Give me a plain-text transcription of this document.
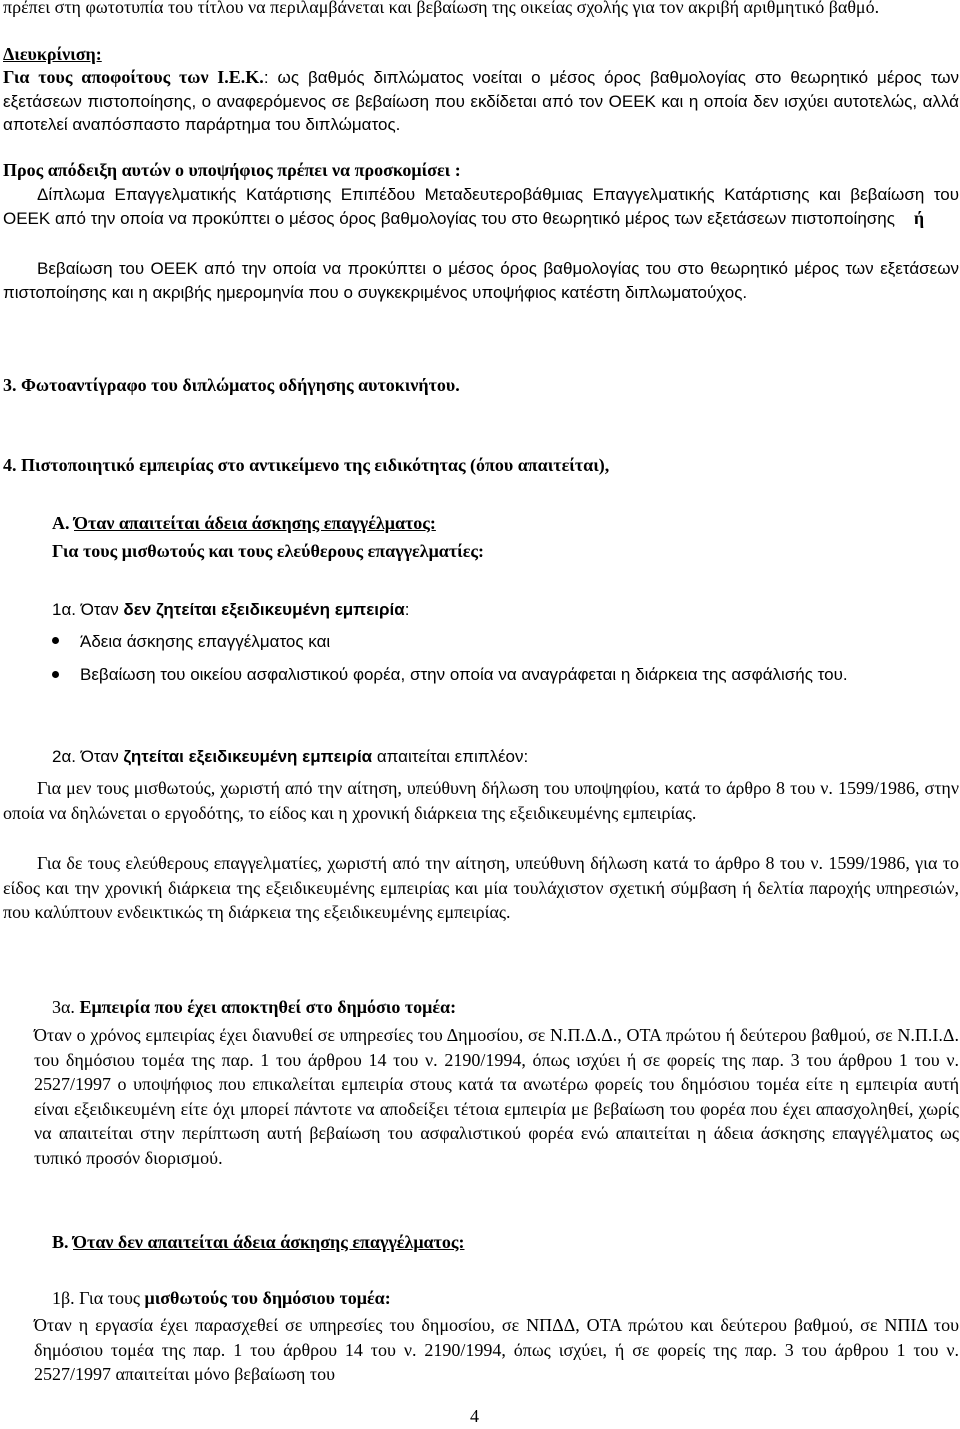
πρέπει στη φωτοτυπία του τίτλου να περιλαμβάνεται και βεβαίωση της οικείας σχολής για τον ακριβή αριθμητικό βαθμό.

Διευκρίνιση:

Για τους αποφοίτους των Ι.Ε.Κ.: ως βαθμός διπλώματος νοείται ο μέσος όρος βαθμολογίας στο θεωρητικό μέρος των εξετάσεων πιστοποίησης, ο αναφερόμενος σε βεβαίωση που εκδίδεται από τον ΟΕΕΚ και η οποία δεν ισχύει αυτοτελώς, αλλά αποτελεί αναπόσπαστο παράρτημα του διπλώματος.

Προς απόδειξη αυτών ο υποψήφιος πρέπει να προσκομίσει :

Δίπλωμα Επαγγελματικής Κατάρτισης Επιπέδου Μεταδευτεροβάθμιας Επαγγελματικής Κατάρτισης και βεβαίωση του ΟΕΕΚ από την οποία να προκύπτει ο μέσος όρος βαθμολογίας του στο θεωρητικό μέρος των εξετάσεων πιστοποίησης ή

Βεβαίωση του ΟΕΕΚ από την οποία να προκύπτει ο μέσος όρος βαθμολογίας του στο θεωρητικό μέρος των εξετάσεων πιστοποίησης και η ακριβής ημερομηνία που ο συγκεκριμένος υποψήφιος κατέστη διπλωματούχος.

3. Φωτοαντίγραφο του διπλώματος οδήγησης αυτοκινήτου.

4. Πιστοποιητικό εμπειρίας στο αντικείμενο της ειδικότητας (όπου απαιτείται),

Α. Όταν απαιτείται άδεια άσκησης επαγγέλματος:

Για τους μισθωτούς και τους ελεύθερους επαγγελματίες:

1α. Όταν δεν ζητείται εξειδικευμένη εμπειρία:

Άδεια άσκησης επαγγέλματος και

Βεβαίωση του οικείου ασφαλιστικού φορέα, στην οποία να αναγράφεται η διάρκεια της ασφάλισής του.

2α. Όταν ζητείται εξειδικευμένη εμπειρία απαιτείται επιπλέον:

Για μεν τους μισθωτούς, χωριστή από την αίτηση, υπεύθυνη δήλωση του υποψηφίου, κατά το άρθρο 8 του ν. 1599/1986, στην οποία να δηλώνεται ο εργοδότης, το είδος και η χρονική διάρκεια της εξειδικευμένης εμπειρίας.

Για δε τους ελεύθερους επαγγελματίες, χωριστή από την αίτηση, υπεύθυνη δήλωση κατά το άρθρο 8 του ν. 1599/1986, για το είδος και την χρονική διάρκεια της εξειδικευμένης εμπειρίας και μία τουλάχιστον σχετική σύμβαση ή δελτία παροχής υπηρεσιών, που καλύπτουν ενδεικτικώς τη διάρκεια της εξειδικευμένης εμπειρίας.

3α. Εμπειρία που έχει αποκτηθεί στο δημόσιο τομέα:

Όταν ο χρόνος εμπειρίας έχει διανυθεί σε υπηρεσίες του Δημοσίου, σε Ν.Π.Δ.Δ., ΟΤΑ πρώτου ή δεύτερου βαθμού, σε Ν.Π.Ι.Δ. του δημόσιου τομέα της παρ. 1 του άρθρου 14 του ν. 2190/1994, όπως ισχύει ή σε φορείς της παρ. 3 του άρθρου 1 του ν. 2527/1997 ο υποψήφιος που επικαλείται εμπειρία στους κατά τα ανωτέρω φορείς του δημόσιου τομέα είτε η εμπειρία αυτή είναι εξειδικευμένη είτε όχι μπορεί πάντοτε να αποδείξει τέτοια εμπειρία με βεβαίωση του φορέα που έχει απασχοληθεί, χωρίς να απαιτείται στην περίπτωση αυτή βεβαίωση του ασφαλιστικού φορέα ενώ απαιτείται η άδεια άσκησης επαγγέλματος ως τυπικό προσόν διορισμού.

Β. Όταν δεν απαιτείται άδεια άσκησης επαγγέλματος:

1β. Για τους μισθωτούς του δημόσιου τομέα:

Όταν η εργασία έχει παρασχεθεί σε υπηρεσίες του δημοσίου, σε ΝΠΔΔ, ΟΤΑ πρώτου και δεύτερου βαθμού, σε ΝΠΙΔ του δημόσιου τομέα της παρ. 1 του άρθρου 14 του ν. 2190/1994, όπως ισχύει, ή σε φορείς της παρ. 3 του άρθρου 1 του ν. 2527/1997 απαιτείται μόνο βεβαίωση του

4
